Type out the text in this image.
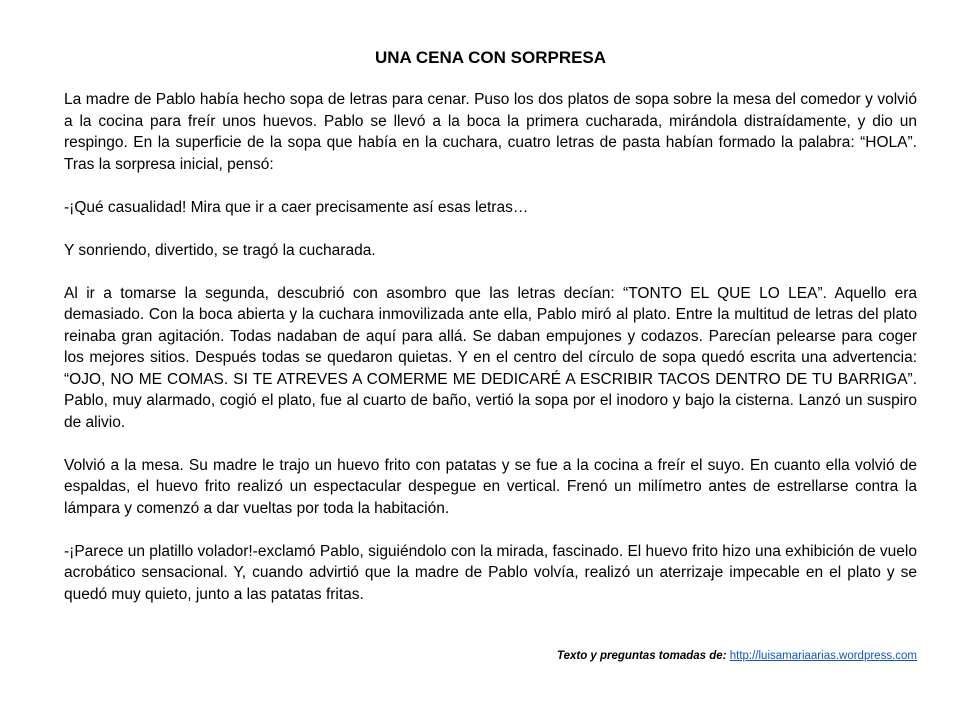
UNA CENA CON SORPRESA

La madre de Pablo había hecho sopa de letras para cenar. Puso los dos platos de sopa sobre la mesa del comedor y volvió a la cocina para freír unos huevos. Pablo se llevó a la boca la primera cucharada, mirándola distraídamente, y dio un respingo. En la superficie de la sopa que había en la cuchara, cuatro letras de pasta habían formado la palabra: “HOLA”. Tras la sorpresa inicial, pensó:

-¡Qué casualidad! Mira que ir a caer precisamente así esas letras…

Y sonriendo, divertido, se tragó la cucharada.

Al ir a tomarse la segunda, descubrió con asombro que las letras decían: “TONTO EL QUE LO LEA”. Aquello era demasiado. Con la boca abierta y la cuchara inmovilizada ante ella, Pablo miró al plato. Entre la multitud de letras del plato reinaba gran agitación. Todas nadaban de aquí para allá. Se daban empujones y codazos. Parecían pelearse para coger los mejores sitios. Después todas se quedaron quietas. Y en el centro del círculo de sopa quedó escrita una advertencia: “OJO, NO ME COMAS. SI TE ATREVES A COMERME ME DEDICARÉ A ESCRIBIR TACOS DENTRO DE TU BARRIGA”. Pablo, muy alarmado, cogió el plato, fue al cuarto de baño, vertió la sopa por el inodoro y bajo la cisterna. Lanzó un suspiro de alivio.

Volvió a la mesa. Su madre le trajo un huevo frito con patatas y se fue a la cocina a freír el suyo. En cuanto ella volvió de espaldas, el huevo frito realizó un espectacular despegue en vertical. Frenó un milímetro antes de estrellarse contra la lámpara y comenzó a dar vueltas por toda la habitación.

-¡Parece un platillo volador!-exclamó Pablo, siguiéndolo con la mirada, fascinado. El huevo frito hizo una exhibición de vuelo acrobático sensacional. Y, cuando advirtió que la madre de Pablo volvía, realizó un aterrizaje impecable en el plato y se quedó muy quieto, junto a las patatas fritas.

Texto y preguntas tomadas de: http://luisamariaarias.wordpress.com
